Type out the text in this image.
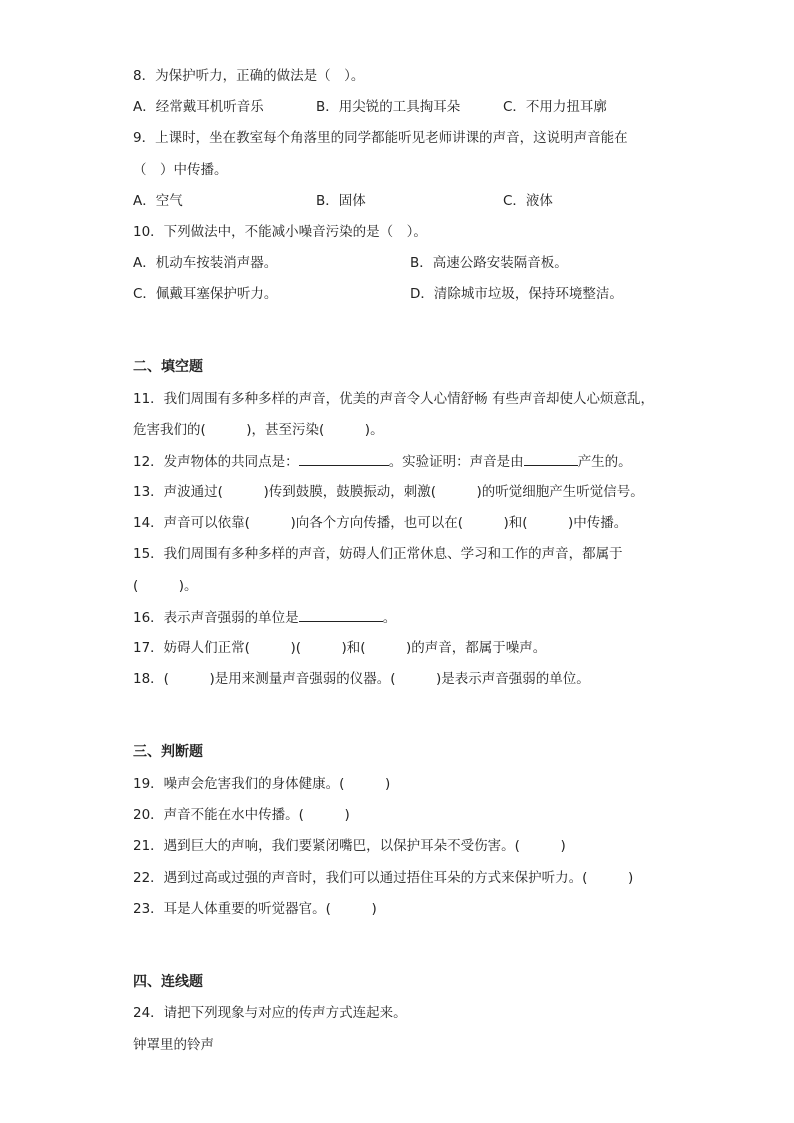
8．为保护听力，正确的做法是（　）。
A．经常戴耳机听音乐	B．用尖锐的工具掏耳朵	C．不用力扭耳廓
9．上课时，坐在教室每个角落里的同学都能听见老师讲课的声音，这说明声音能在
（　）中传播。
A．空气	B．固体	C．液体
10．下列做法中，不能减小噪音污染的是（　）。
A．机动车按装消声器。	B．高速公路安装隔音板。
C．佩戴耳塞保护听力。	D．清除城市垃圾，保持环境整洁。
二、填空题
11．我们周围有多种多样的声音，优美的声音令人心情舒畅 有些声音却使人心烦意乱，
危害我们的(　　　)，甚至污染(　　　)。
12．发声物体的共同点是：	。实验证明：声音是由	产生的。
13．声波通过(　　　)传到鼓膜，鼓膜振动，刺激(　　　)的听觉细胞产生听觉信号。
14．声音可以依靠(　　　)向各个方向传播，也可以在(　　　)和(　　　)中传播。
15．我们周围有多种多样的声音，妨碍人们正常休息、学习和工作的声音，都属于
(　　　)。
16．表示声音强弱的单位是	。
17．妨碍人们正常(　　　)(　　　)和(　　　)的声音，都属于噪声。
18．(　　　)是用来测量声音强弱的仪器。(　　　)是表示声音强弱的单位。
三、判断题
19．噪声会危害我们的身体健康。(　　　)
20．声音不能在水中传播。(　　　)
21．遇到巨大的声响，我们要紧闭嘴巴，以保护耳朵不受伤害。(　　　)
22．遇到过高或过强的声音时，我们可以通过捂住耳朵的方式来保护听力。(　　　)
23．耳是人体重要的听觉器官。(　　　)
四、连线题
24．请把下列现象与对应的传声方式连起来。
钟罩里的铃声
